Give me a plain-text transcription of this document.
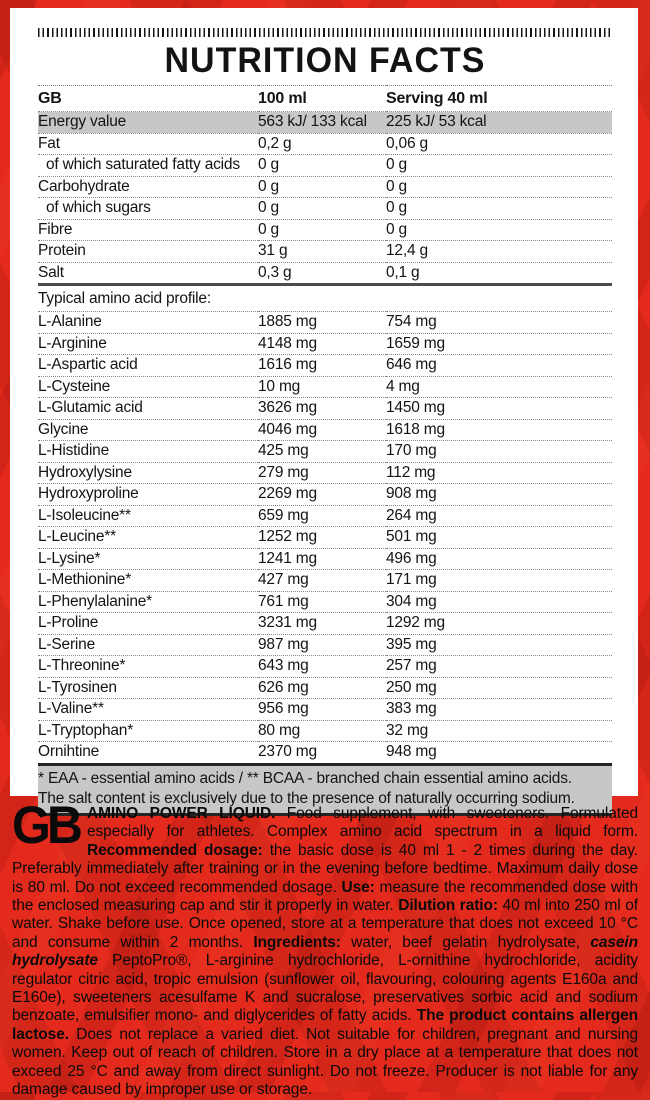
NUTRITION FACTS
GB	100 ml	Serving 40 ml
Energy value	563 kJ/ 133 kcal	225 kJ/ 53 kcal
Fat	0,2 g	0,06 g
of which saturated fatty acids	0 g	0 g
Carbohydrate	0 g	0 g
of which sugars	0 g	0 g
Fibre	0 g	0 g
Protein	31 g	12,4 g
Salt	0,3 g	0,1 g
Typical amino acid profile:		
L-Alanine	1885 mg	754 mg
L-Arginine	4148 mg	1659 mg
L-Aspartic acid	1616 mg	646 mg
L-Cysteine	10 mg	4 mg
L-Glutamic acid	3626 mg	1450 mg
Glycine	4046 mg	1618 mg
L-Histidine	425 mg	170 mg
Hydroxylysine	279 mg	112 mg
Hydroxyproline	2269 mg	908 mg
L-Isoleucine**	659 mg	264 mg
L-Leucine**	1252 mg	501 mg
L-Lysine*	1241 mg	496 mg
L-Methionine*	427 mg	171 mg
L-Phenylalanine*	761 mg	304 mg
L-Proline	3231 mg	1292 mg
L-Serine	987 mg	395 mg
L-Threonine*	643 mg	257 mg
L-Tyrosinen	626 mg	250 mg
L-Valine**	956 mg	383 mg
L-Tryptophan*	80 mg	32 mg
Ornihtine	2370 mg	948 mg
* EAA - essential amino acids / ** BCAA - branched chain essential amino acids.
The salt content is exclusively due to the presence of naturally occurring sodium.
GB AMINO POWER LIQUID. Food supplement, with sweeteners. Formulated especially for athletes. Complex amino acid spectrum in a liquid form. Recommended dosage: the basic dose is 40 ml 1 - 2 times during the day. Preferably immediately after training or in the evening before bedtime. Maximum daily dose is 80 ml. Do not exceed recommended dosage. Use: measure the recommended dose with the enclosed measuring cap and stir it properly in water. Dilution ratio: 40 ml into 250 ml of water. Shake before use. Once opened, store at a temperature that does not exceed 10 °C and consume within 2 months. Ingredients: water, beef gelatin hydrolysate, casein hydrolysate PeptoPro®, L-arginine hydrochloride, L-ornithine hydrochloride, acidity regulator citric acid, tropic emulsion (sunflower oil, flavouring, colouring agents E160a and E160e), sweeteners acesulfame K and sucralose, preservatives sorbic acid and sodium benzoate, emulsifier mono- and diglycerides of fatty acids. The product contains allergen lactose. Does not replace a varied diet. Not suitable for children, pregnant and nursing women. Keep out of reach of children. Store in a dry place at a temperature that does not exceed 25 °C and away from direct sunlight. Do not freeze. Producer is not liable for any damage caused by improper use or storage.
